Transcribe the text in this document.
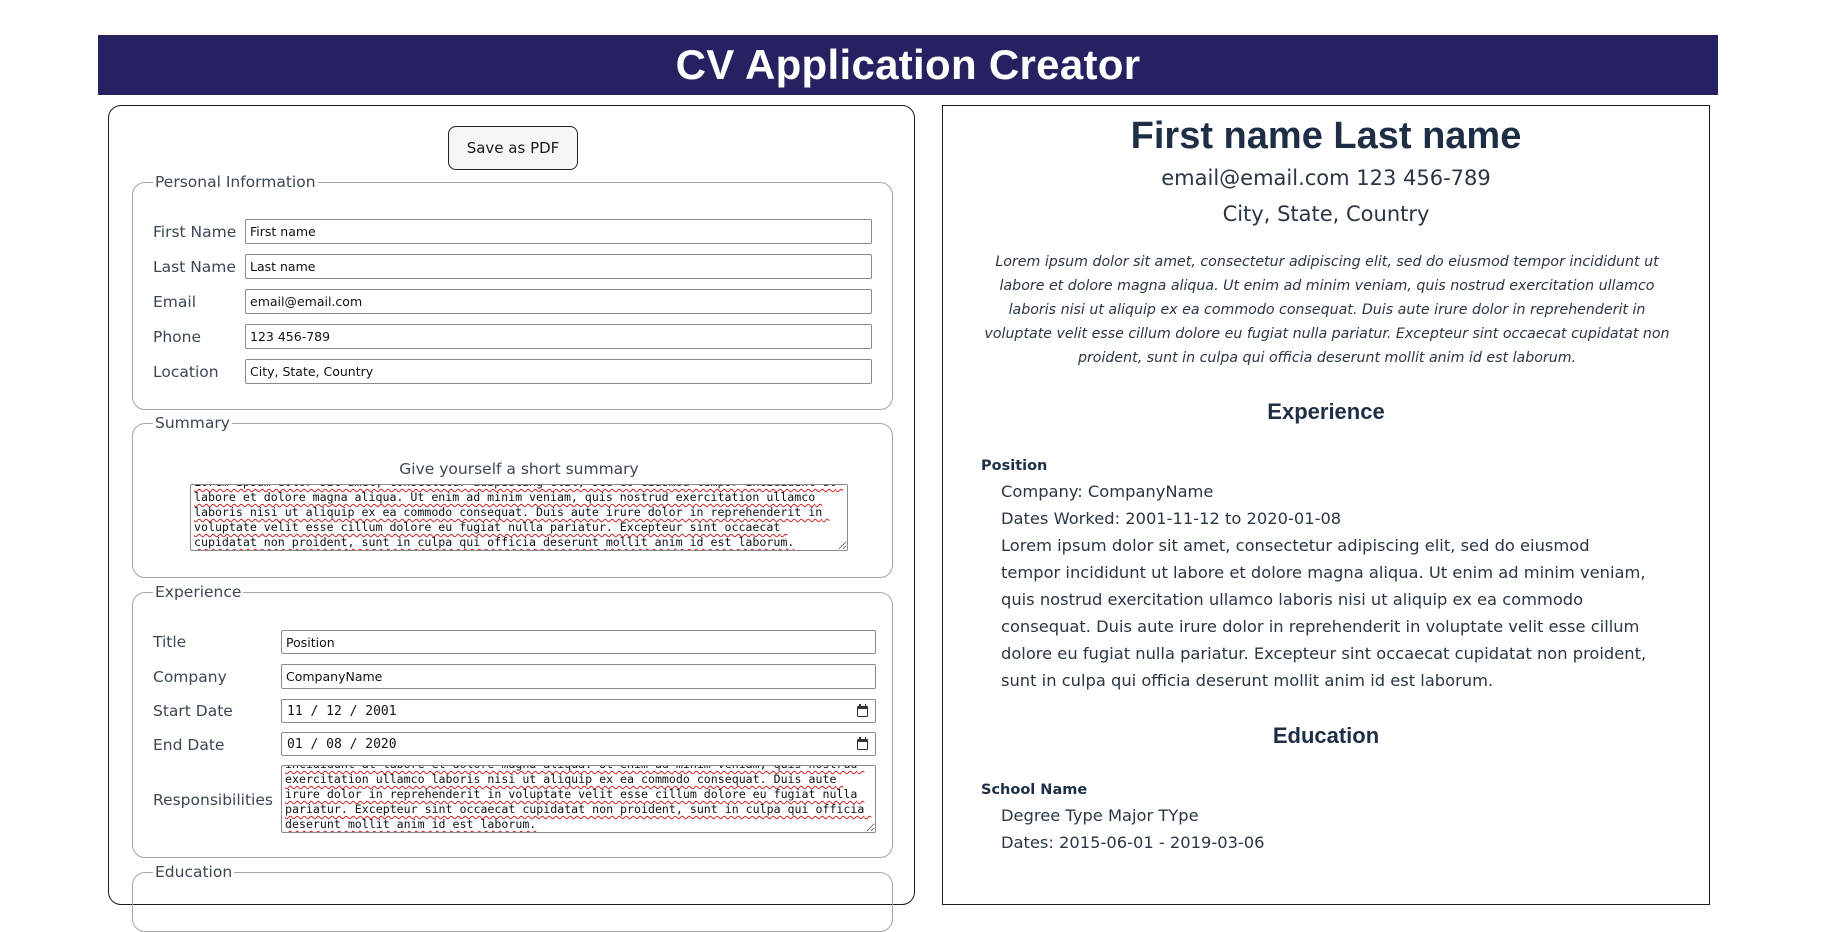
CV Application Creator
Save as PDF
Personal Information
First Name
First name
Last Name
Last name
Email
email@email.com
Phone
123 456-789
Location
City, State, Country
Summary
Give yourself a short summary
Lorem ipsum dolor sit amet, consectetur adipiscing elit, sed do eiusmod tempor incididunt ut labore et dolore magna aliqua. Ut enim ad minim veniam, quis nostrud exercitation ullamco laboris nisi ut aliquip ex ea commodo consequat. Duis aute irure dolor in reprehenderit in voluptate velit esse cillum dolore eu fugiat nulla pariatur. Excepteur sint occaecat cupidatat non proident, sunt in culpa qui officia deserunt mollit anim id est laborum.
Experience
Title
Position
Company
CompanyName
Start Date	11 / 12 / 2001
End Date	01 / 08 / 2020
Responsibilities
Lorem ipsum dolor sit amet, consectetur adipiscing elit, sed do eiusmod tempor incididunt ut labore et dolore magna aliqua. Ut enim ad minim veniam, quis nostrud exercitation ullamco laboris nisi ut aliquip ex ea commodo consequat. Duis aute irure dolor in reprehenderit in voluptate velit esse cillum dolore eu fugiat nulla pariatur. Excepteur sint occaecat cupidatat non proident, sunt in culpa qui officia deserunt mollit anim id est laborum.
Education
First name Last name
email@email.com 123 456-789
City, State, Country
Lorem ipsum dolor sit amet, consectetur adipiscing elit, sed do eiusmod tempor incididunt ut labore et dolore magna aliqua. Ut enim ad minim veniam, quis nostrud exercitation ullamco laboris nisi ut aliquip ex ea commodo consequat. Duis aute irure dolor in reprehenderit in voluptate velit esse cillum dolore eu fugiat nulla pariatur. Excepteur sint occaecat cupidatat non proident, sunt in culpa qui officia deserunt mollit anim id est laborum.
Experience
Position
Company: CompanyName
Dates Worked: 2001-11-12 to 2020-01-08
Lorem ipsum dolor sit amet, consectetur adipiscing elit, sed do eiusmod tempor incididunt ut labore et dolore magna aliqua. Ut enim ad minim veniam, quis nostrud exercitation ullamco laboris nisi ut aliquip ex ea commodo consequat. Duis aute irure dolor in reprehenderit in voluptate velit esse cillum dolore eu fugiat nulla pariatur. Excepteur sint occaecat cupidatat non proident, sunt in culpa qui officia deserunt mollit anim id est laborum.
Education
School Name
Degree Type Major TYpe
Dates: 2015-06-01 - 2019-03-06
